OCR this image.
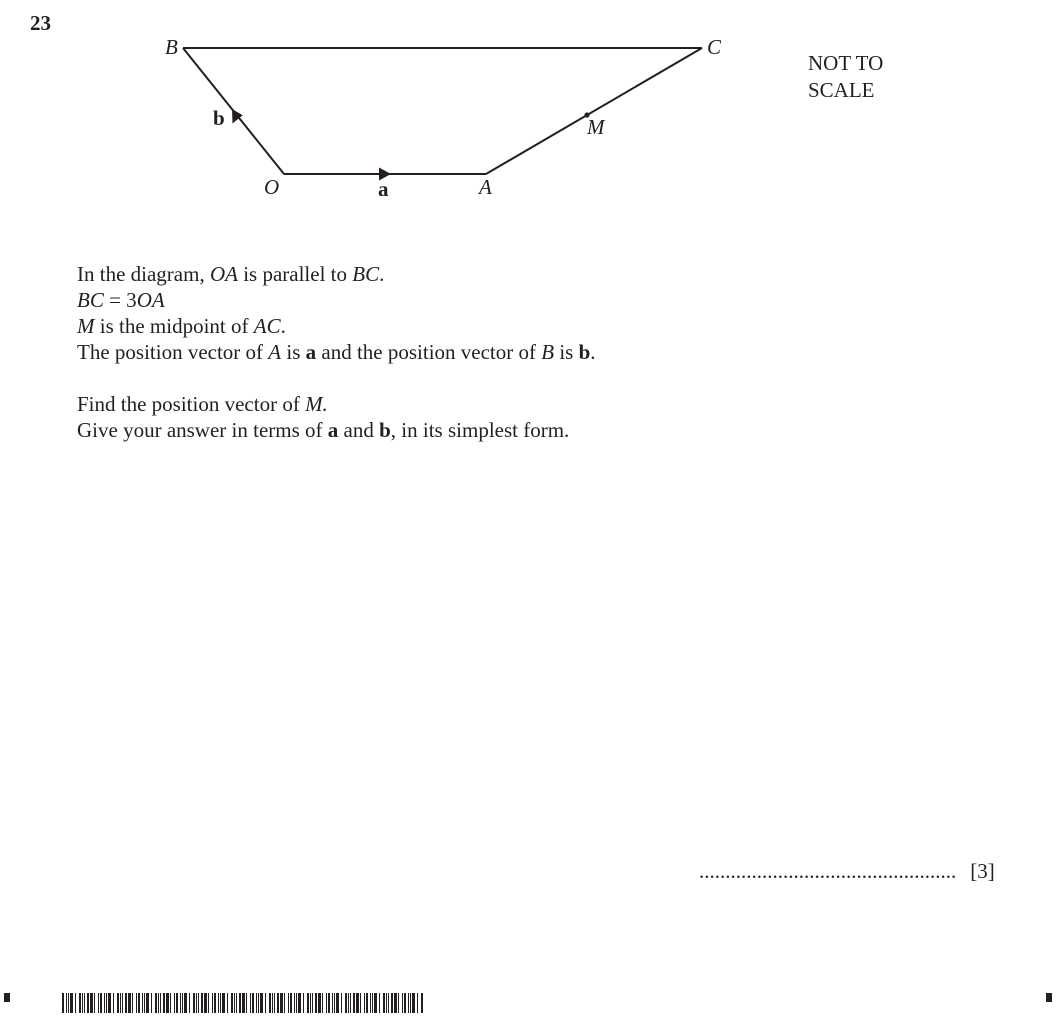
23
B	C
O	A
M
a
b
NOT TO
SCALE

In the diagram, OA is parallel to BC.

BC = 3OA

M is the midpoint of AC.

The position vector of A is a and the position vector of B is b.

Find the position vector of M.

Give your answer in terms of a and b, in its simplest form.

................................................. [3]
